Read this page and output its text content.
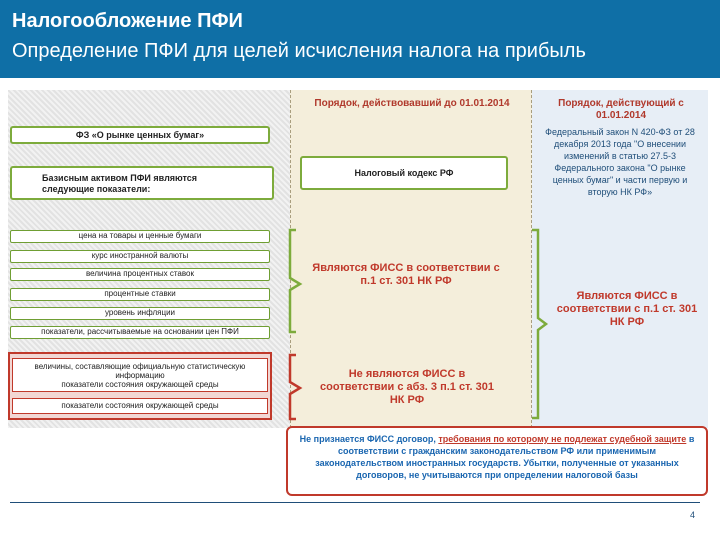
Налогообложение ПФИ
Определение ПФИ для целей исчисления налога на прибыль
Порядок, действовавший до 01.01.2014	Порядок, действующий с 01.01.2014
ФЗ «О рынке ценных бумаг»
Базисным активом ПФИ являются следующие показатели:
цена на товары и ценные бумаги
курс иностранной валюты
величина процентных ставок
процентные ставки
уровень инфляции
показатели, рассчитываемые на основании цен ПФИ
величины, составляющие официальную статистическую
информацию
показатели состояния окружающей среды
показатели состояния окружающей среды
Налоговый кодекс РФ
Являются ФИСС в соответствии с п.1 ст. 301 НК РФ
Не являются ФИСС в соответствии с абз. 3 п.1 ст. 301 НК РФ
Федеральный закон N 420-ФЗ от 28 декабря 2013 года "О внесении изменений в статью 27.5-3 Федерального закона "О рынке ценных бумаг" и части первую и вторую НК РФ»
Являются ФИСС в соответствии с п.1 ст. 301 НК РФ
Не признается ФИСС договор, требования по которому не подлежат судебной защите в соответствии с гражданским законодательством РФ или применимым законодательством иностранных государств. Убытки, полученные от указанных договоров, не учитываются при определении налоговой базы
4
